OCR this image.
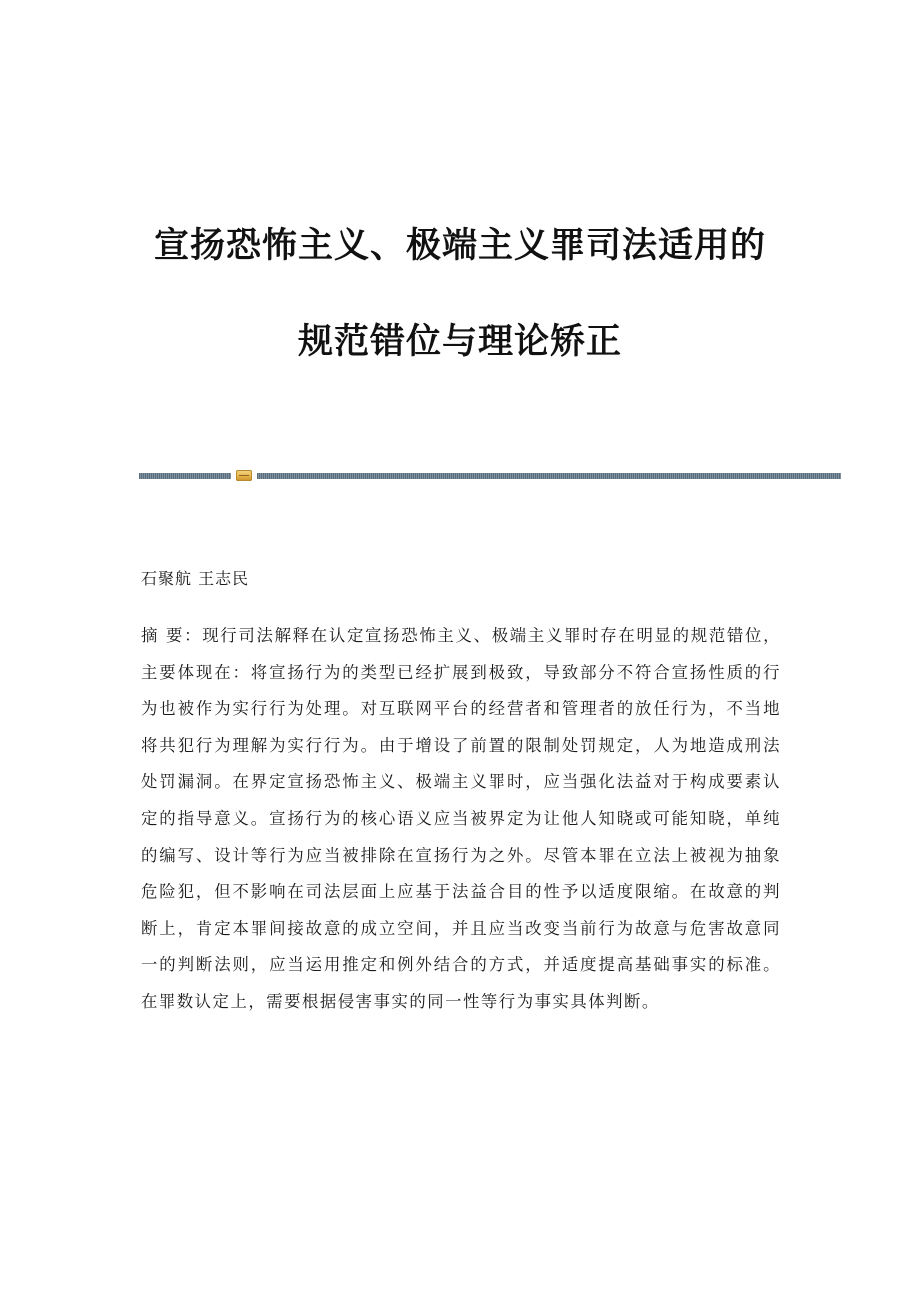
宣扬恐怖主义、极端主义罪司法适用的
规范错位与理论矫正

石聚航 王志民

摘 要：现行司法解释在认定宣扬恐怖主义、极端主义罪时存在明显的规范错位，主要体现在：将宣扬行为的类型已经扩展到极致，导致部分不符合宣扬性质的行为也被作为实行行为处理。对互联网平台的经营者和管理者的放任行为，不当地将共犯行为理解为实行行为。由于增设了前置的限制处罚规定，人为地造成刑法处罚漏洞。在界定宣扬恐怖主义、极端主义罪时，应当强化法益对于构成要素认定的指导意义。宣扬行为的核心语义应当被界定为让他人知晓或可能知晓，单纯的编写、设计等行为应当被排除在宣扬行为之外。尽管本罪在立法上被视为抽象危险犯，但不影响在司法层面上应基于法益合目的性予以适度限缩。在故意的判断上，肯定本罪间接故意的成立空间，并且应当改变当前行为故意与危害故意同一的判断法则，应当运用推定和例外结合的方式，并适度提高基础事实的标准。在罪数认定上，需要根据侵害事实的同一性等行为事实具体判断。
